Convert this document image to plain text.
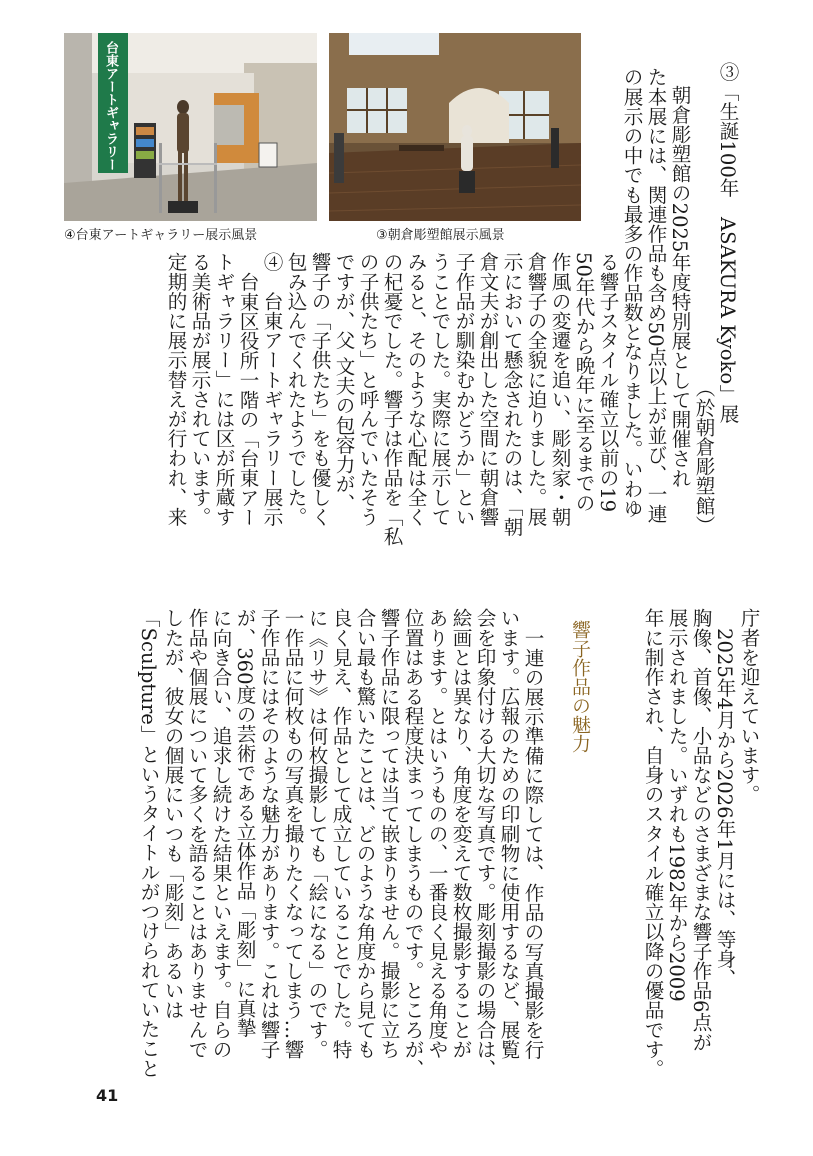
台東アートギャラリー
④台東アートギャラリー展示風景	③朝倉彫塑館展示風景	③「生誕100年　ASAKURA Kyoko」展
（於朝倉彫塑館）
朝倉彫塑館の2025年度特別展として開催され
た本展には、関連作品も含め50点以上が並び、一連
の展示の中でも最多の作品数となりました。いわゆ
る響子スタイル確立以前の19
50年代から晩年に至るまでの
作風の変遷を追い、彫刻家・朝
倉響子の全貌に迫りました。展
示において懸念されたのは、「朝
倉文夫が創出した空間に朝倉響
子作品が馴染むかどうか」とい
うことでした。実際に展示して
みると、そのような心配は全く
の杞憂でした。響子は作品を「私
の子供たち」と呼んでいたそう
ですが、父 文夫の包容力が、
響子の「子供たち」をも優しく
包み込んでくれたようでした。
④　台東アートギャラリー展示
台東区役所一階の「台東アー
トギャラリー」には区が所蔵す
る美術品が展示されています。
定期的に展示替えが行われ、来
庁者を迎えています。
2025年4月から2026年1月には、等身、
胸像、首像、小品などのさまざまな響子作品6点が
展示されました。いずれも1982年から2009
年に制作され、自身のスタイル確立以降の優品です。
響子作品の魅力
一連の展示準備に際しては、作品の写真撮影を行
います。広報のための印刷物に使用するなど、展覧
会を印象付ける大切な写真です。彫刻撮影の場合は、
絵画とは異なり、角度を変えて数枚撮影することが
あります。とはいうものの、一番良く見える角度や
位置はある程度決まってしまうものです。ところが、
響子作品に限っては当て嵌まりません。撮影に立ち
合い最も驚いたことは、どのような角度から見ても
良く見え、作品として成立していることでした。特
に《リサ》は何枚撮影しても「絵になる」のです。
一作品に何枚もの写真を撮りたくなってしまう…響
子作品にはそのような魅力があります。これは響子
が、360度の芸術である立体作品「彫刻」に真摯
に向き合い、追求し続けた結果といえます。自らの
作品や個展について多くを語ることはありませんで
したが、彼女の個展にいつも「彫刻」あるいは
「Sculpture」というタイトルがつけられていたこと
41
